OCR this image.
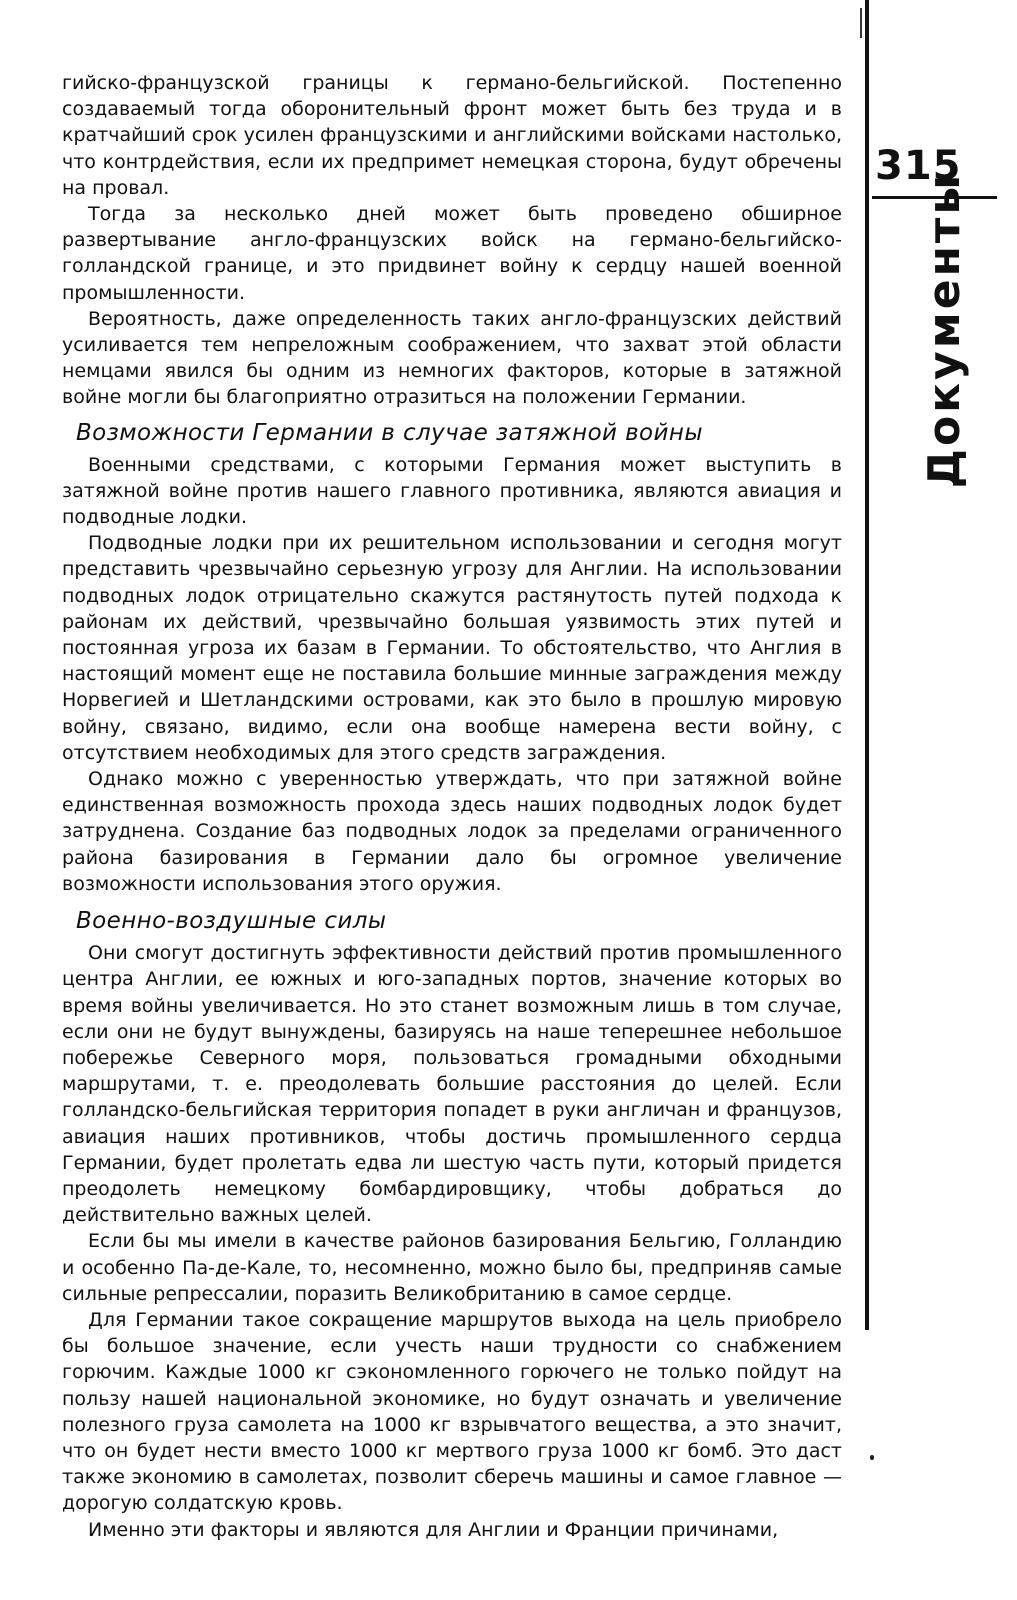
315
Документы

гийско-французской границы к германо-бельгийской. Постепенно создаваемый тогда оборонительный фронт может быть без труда и в кратчайший срок усилен французскими и английскими войсками настолько, что контрдействия, если их предпримет немецкая сторона, будут обречены на провал.

Тогда за несколько дней может быть проведено обширное развертывание англо-французских войск на германо-бельгийско-голландской границе, и это придвинет войну к сердцу нашей военной промышленности.

Вероятность, даже определенность таких англо-французских действий усиливается тем непреложным соображением, что захват этой области немцами явился бы одним из немногих факторов, которые в затяжной войне могли бы благоприятно отразиться на положении Германии.

Возможности Германии в случае затяжной войны

Военными средствами, с которыми Германия может выступить в затяжной войне против нашего главного противника, являются авиация и подводные лодки.

Подводные лодки при их решительном использовании и сегодня могут представить чрезвычайно серьезную угрозу для Англии. На использовании подводных лодок отрицательно скажутся растянутость путей подхода к районам их действий, чрезвычайно большая уязвимость этих путей и постоянная угроза их базам в Германии. То обстоятельство, что Англия в настоящий момент еще не поставила большие минные заграждения между Норвегией и Шетландскими островами, как это было в прошлую мировую войну, связано, видимо, если она вообще намерена вести войну, с отсутствием необходимых для этого средств заграждения.

Однако можно с уверенностью утверждать, что при затяжной войне единственная возможность прохода здесь наших подводных лодок будет затруднена. Создание баз подводных лодок за пределами ограниченного района базирования в Германии дало бы огромное увеличение возможности использования этого оружия.

Военно-воздушные силы

Они смогут достигнуть эффективности действий против промышленного центра Англии, ее южных и юго-западных портов, значение которых во время войны увеличивается. Но это станет возможным лишь в том случае, если они не будут вынуждены, базируясь на наше теперешнее небольшое побережье Северного моря, пользоваться громадными обходными маршрутами, т. е. преодолевать большие расстояния до целей. Если голландско-бельгийская территория попадет в руки англичан и французов, авиация наших противников, чтобы достичь промышленного сердца Германии, будет пролетать едва ли шестую часть пути, который придется преодолеть немецкому бомбардировщику, чтобы добраться до действительно важных целей.

Если бы мы имели в качестве районов базирования Бельгию, Голландию и особенно Па-де-Кале, то, несомненно, можно было бы, предприняв самые сильные репрессалии, поразить Великобританию в самое сердце.

Для Германии такое сокращение маршрутов выхода на цель приобрело бы большое значение, если учесть наши трудности со снабжением горючим. Каждые 1000 кг сэкономленного горючего не только пойдут на пользу нашей национальной экономике, но будут означать и увеличение полезного груза самолета на 1000 кг взрывчатого вещества, а это значит, что он будет нести вместо 1000 кг мертвого груза 1000 кг бомб. Это даст также экономию в самолетах, позволит сберечь машины и самое главное — дорогую солдатскую кровь.

Именно эти факторы и являются для Англии и Франции причинами,
